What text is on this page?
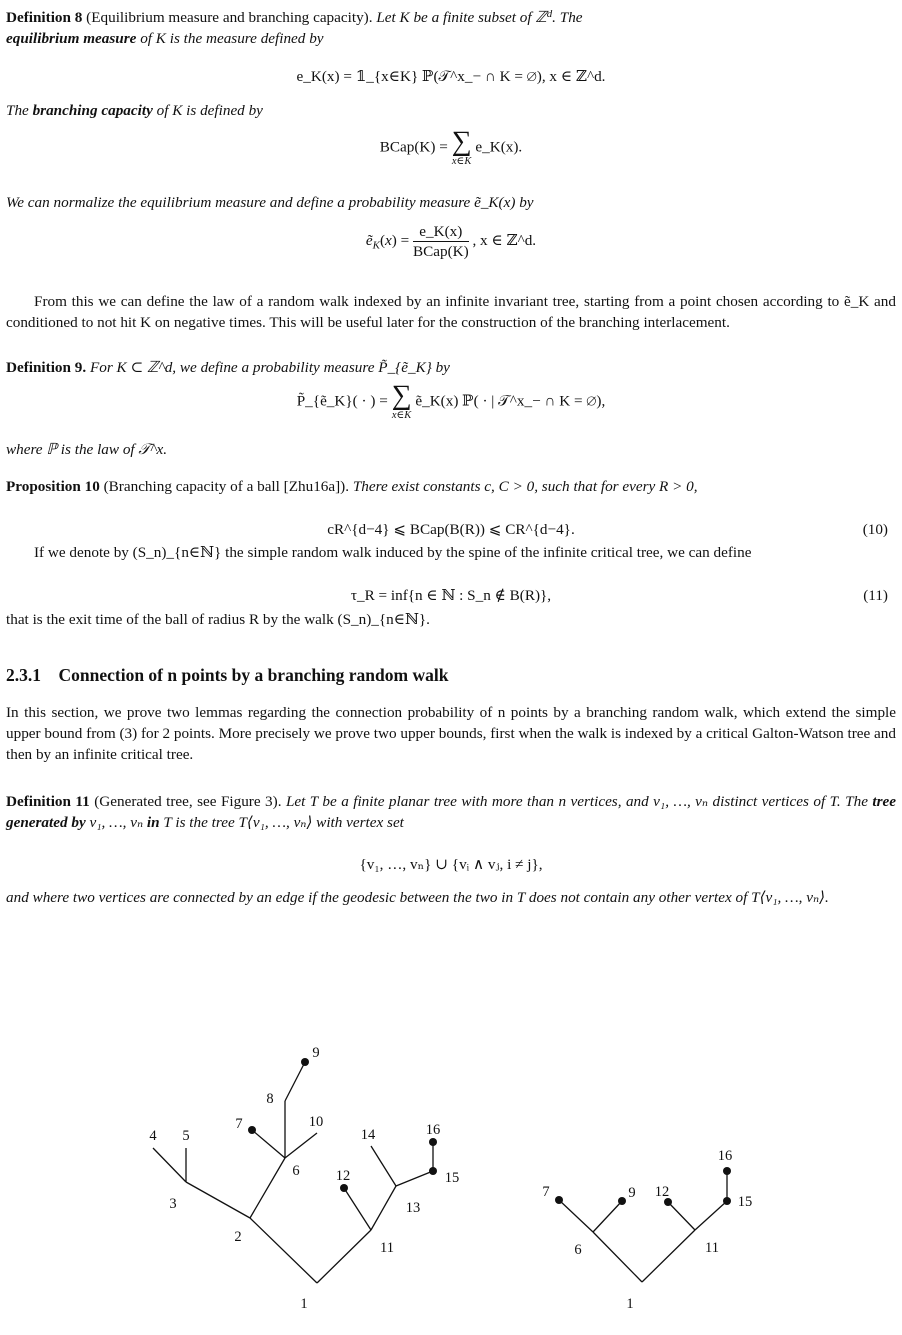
Definition 8 (Equilibrium measure and branching capacity). Let K be a finite subset of ℤ$^d$. The
equilibrium measure of K is the measure defined by

e_K(x) = 𝟙_{x∈K} ℙ(𝒯^x_− ∩ K = ∅), x ∈ ℤ^d.

The branching capacity of K is defined by

BCap(K) = ∑
x∈K
e_K(x).

We can normalize the equilibrium measure and define a probability measure ẽ_K(x) by

ẽ$_K$(x) = $\frac{e\_K(x)}{\text{BCap(K)}}$ , x ∈ ℤ^d.

From this we can define the law of a random walk indexed by an infinite invariant tree, starting from a point chosen according to ẽ_K and conditioned to not hit K on negative times. This will be useful later for the construction of the branching interlacement.

Definition 9. For K ⊂ ℤ^d, we define a probability measure P̃_{ẽ_K} by

P̃_{ẽ_K}( · ) = ∑
x∈K
ẽ_K(x) ℙ( · | 𝒯^x_− ∩ K = ∅),

where ℙ is the law of 𝒯^x.

Proposition 10 (Branching capacity of a ball [Zhu16a]). There exist constants c, C > 0, such that for every R > 0,

cR^{d−4} ⩽ BCap(B(R)) ⩽ CR^{d−4}.	(10)

If we denote by (S_n)_{n∈ℕ} the simple random walk induced by the spine of the infinite critical tree, we can define

τ_R = inf{n ∈ ℕ : S_n ∉ B(R)},	(11)

that is the exit time of the ball of radius R by the walk (S_n)_{n∈ℕ}.

2.3.1 Connection of n points by a branching random walk

In this section, we prove two lemmas regarding the connection probability of n points by a branching random walk, which extend the simple upper bound from (3) for 2 points. More precisely we prove two upper bounds, first when the walk is indexed by a critical Galton-Watson tree and then by an infinite critical tree.

Definition 11 (Generated tree, see Figure 3). Let T be a finite planar tree with more than n vertices, and v₁, …, vₙ distinct vertices of T. The tree generated by v₁, …, vₙ in T is the tree T⟨v₁, …, vₙ⟩ with vertex set

{v₁, …, vₙ} ∪ {vᵢ ∧ vⱼ, i ≠ j},

and where two vertices are connected by an edge if the geodesic between the two in T does not contain any other vertex of T⟨v₁, …, vₙ⟩.

1
2
3
4 5
6
7
8
9
10
11
12
13
14
15
16
1
6
7	9
11
12
15
16
